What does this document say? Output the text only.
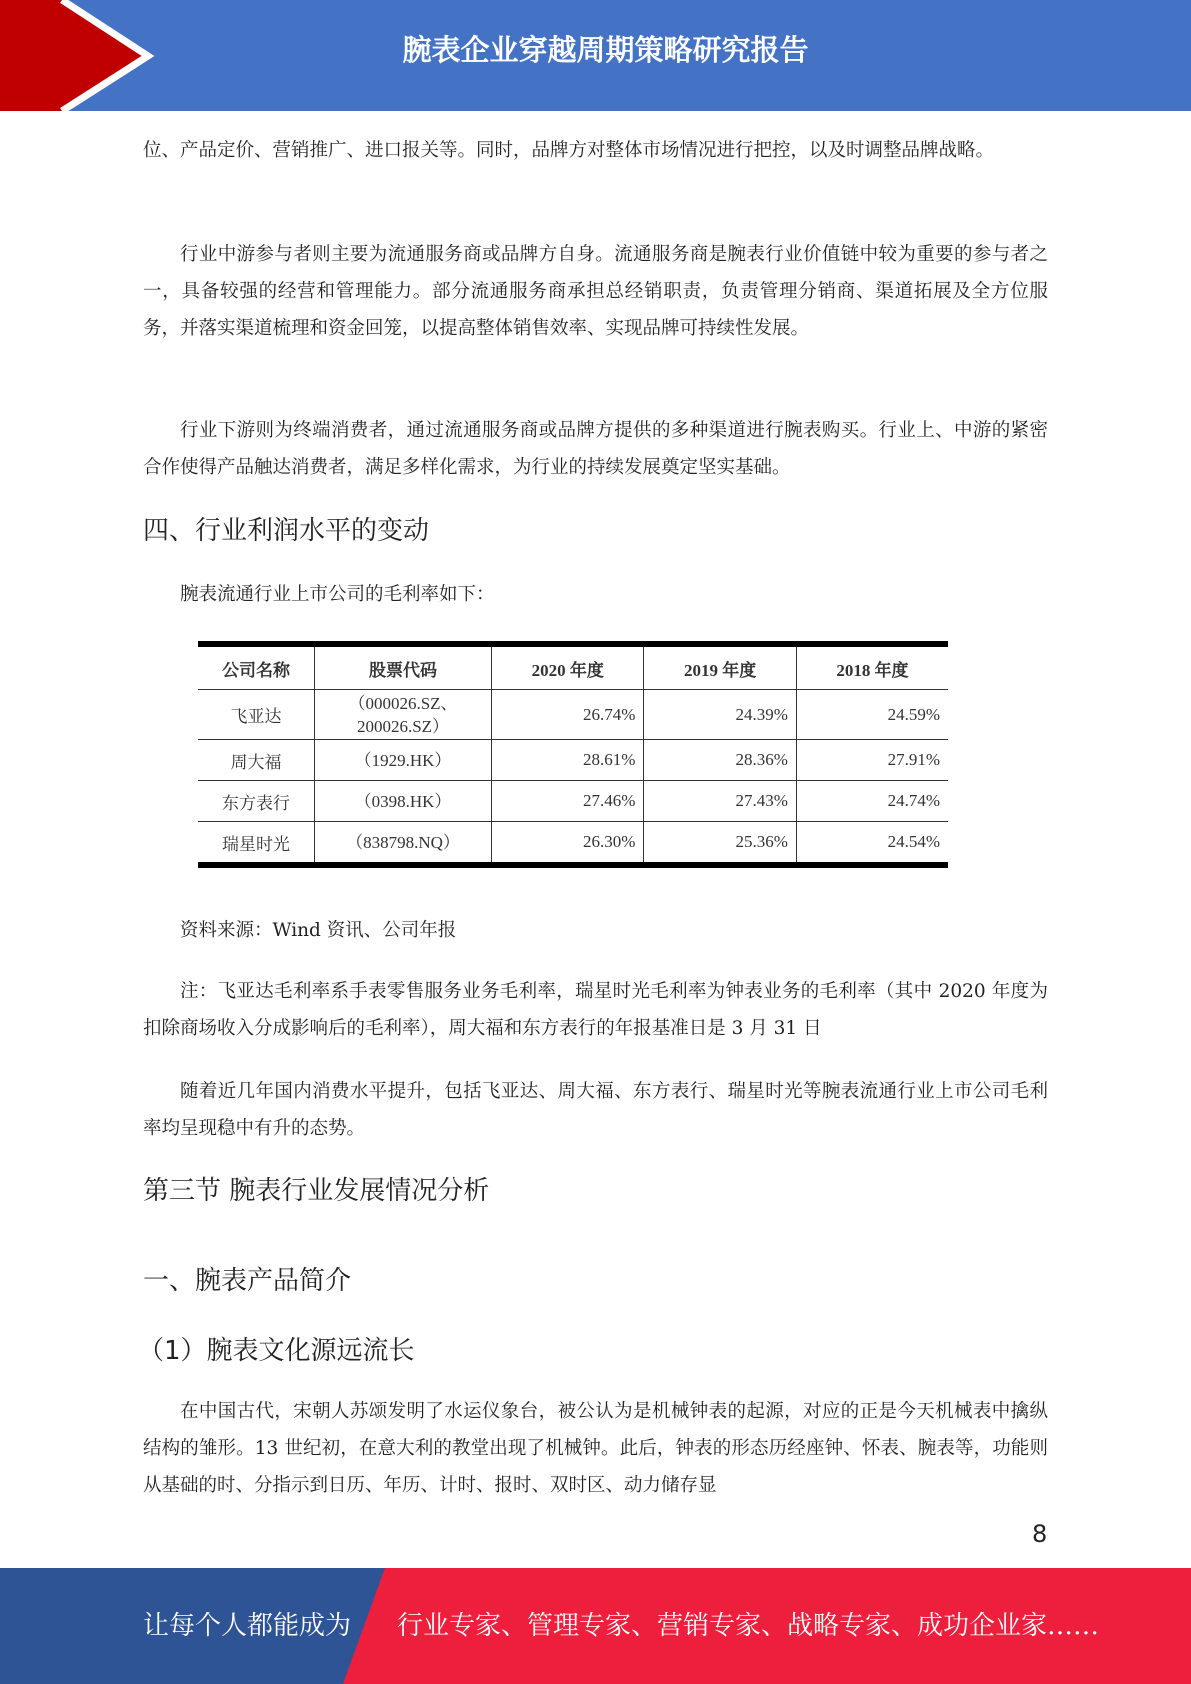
腕表企业穿越周期策略研究报告

位、产品定价、营销推广、进口报关等。同时，品牌方对整体市场情况进行把控，以及时调整品牌战略。

行业中游参与者则主要为流通服务商或品牌方自身。流通服务商是腕表行业价值链中较为重要的参与者之一，具备较强的经营和管理能力。部分流通服务商承担总经销职责，负责管理分销商、渠道拓展及全方位服务，并落实渠道梳理和资金回笼，以提高整体销售效率、实现品牌可持续性发展。

行业下游则为终端消费者，通过流通服务商或品牌方提供的多种渠道进行腕表购买。行业上、中游的紧密合作使得产品触达消费者，满足多样化需求，为行业的持续发展奠定坚实基础。

四、行业利润水平的变动

腕表流通行业上市公司的毛利率如下：

公司名称	股票代码	2020 年度	2019 年度	2018 年度
飞亚达	（000026.SZ、200026.SZ）	26.74%	24.39%	24.59%
周大福	（1929.HK）	28.61%	28.36%	27.91%
东方表行	（0398.HK）	27.46%	27.43%	24.74%
瑞星时光	（838798.NQ）	26.30%	25.36%	24.54%

资料来源：Wind 资讯、公司年报

注：飞亚达毛利率系手表零售服务业务毛利率，瑞星时光毛利率为钟表业务的毛利率（其中 2020 年度为扣除商场收入分成影响后的毛利率），周大福和东方表行的年报基准日是 3 月 31 日

随着近几年国内消费水平提升，包括飞亚达、周大福、东方表行、瑞星时光等腕表流通行业上市公司毛利率均呈现稳中有升的态势。

第三节 腕表行业发展情况分析
一、腕表产品简介
（1）腕表文化源远流长

在中国古代，宋朝人苏颂发明了水运仪象台，被公认为是机械钟表的起源，对应的正是今天机械表中擒纵结构的雏形。13 世纪初，在意大利的教堂出现了机械钟。此后，钟表的形态历经座钟、怀表、腕表等，功能则从基础的时、分指示到日历、年历、计时、报时、双时区、动力储存显

8
让每个人都能成为 行业专家、管理专家、营销专家、战略专家、成功企业家……
